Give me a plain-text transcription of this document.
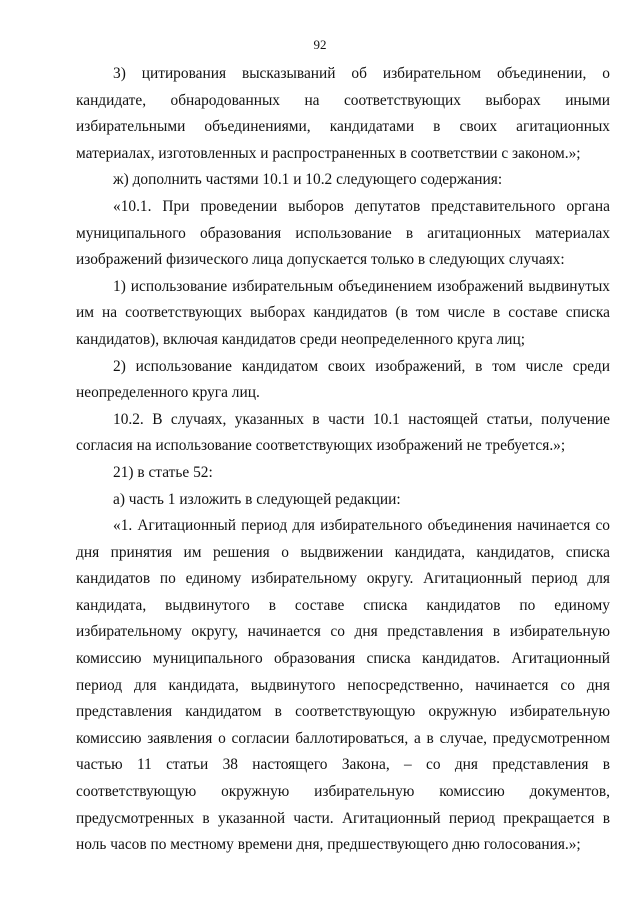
92

3) цитирования высказываний об избирательном объединении, о кандидате, обнародованных на соответствующих выборах иными избирательными объединениями, кандидатами в своих агитационных материалах, изготовленных и распространенных в соответствии с законом.»;

ж) дополнить частями 10.1 и 10.2 следующего содержания:

«10.1. При проведении выборов депутатов представительного органа муниципального образования использование в агитационных материалах изображений физического лица допускается только в следующих случаях:

1) использование избирательным объединением изображений выдвинутых им на соответствующих выборах кандидатов (в том числе в составе списка кандидатов), включая кандидатов среди неопределенного круга лиц;

2) использование кандидатом своих изображений, в том числе среди неопределенного круга лиц.

10.2. В случаях, указанных в части 10.1 настоящей статьи, получение согласия на использование соответствующих изображений не требуется.»;

21) в статье 52:

а) часть 1 изложить в следующей редакции:

«1. Агитационный период для избирательного объединения начинается со дня принятия им решения о выдвижении кандидата, кандидатов, списка кандидатов по единому избирательному округу. Агитационный период для кандидата, выдвинутого в составе списка кандидатов по единому избирательному округу, начинается со дня представления в избирательную комиссию муниципального образования списка кандидатов. Агитационный период для кандидата, выдвинутого непосредственно, начинается со дня представления кандидатом в соответствующую окружную избирательную комиссию заявления о согласии баллотироваться, а в случае, предусмотренном частью 11 статьи 38 настоящего Закона, – со дня представления в соответствующую окружную избирательную комиссию документов, предусмотренных в указанной части. Агитационный период прекращается в ноль часов по местному времени дня, предшествующего дню голосования.»;
